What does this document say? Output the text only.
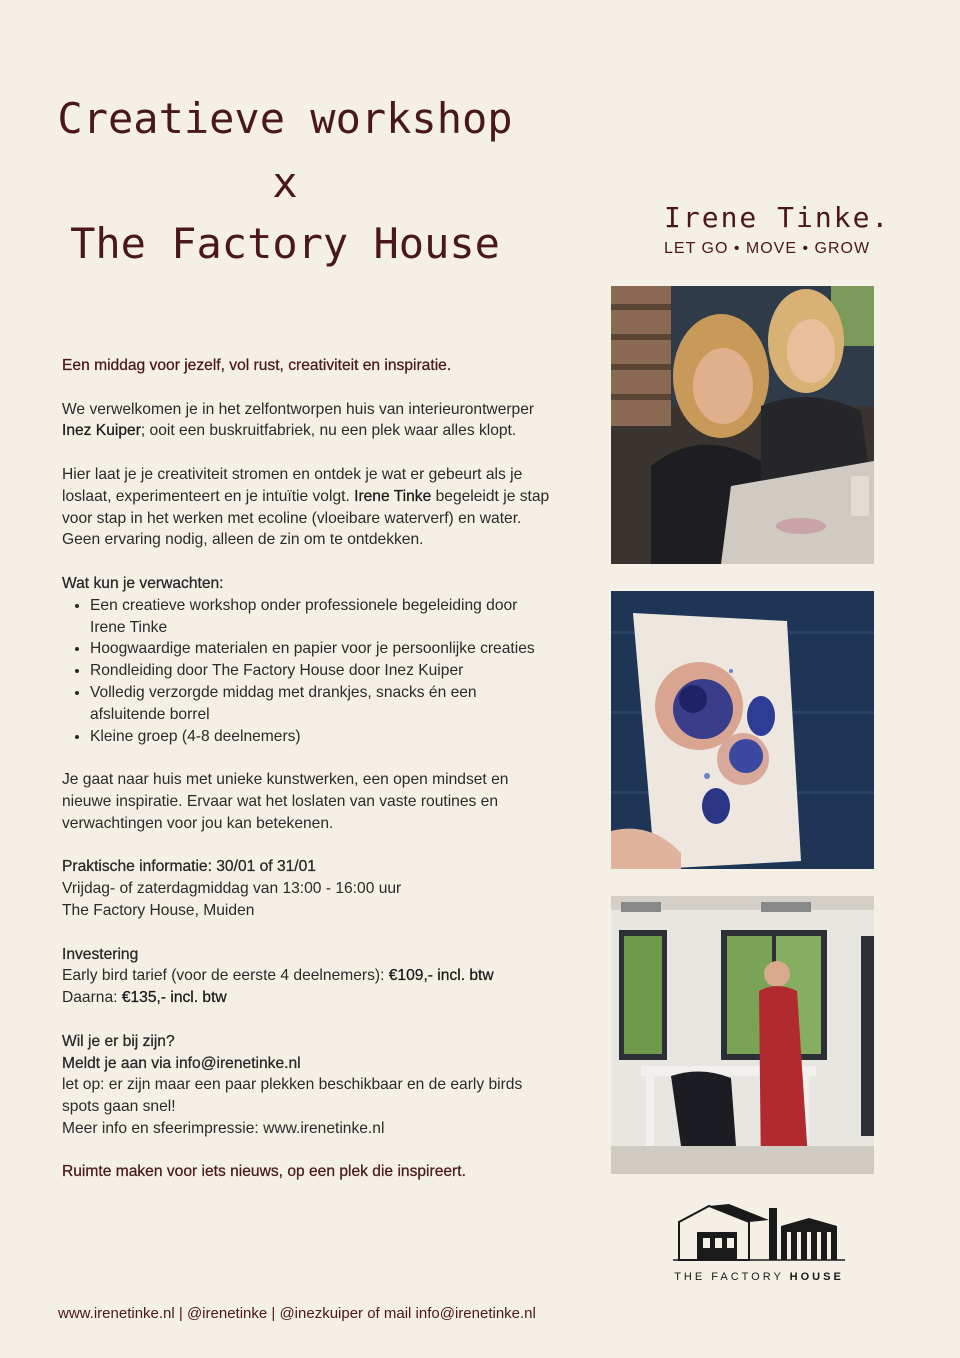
Creatieve workshop
x
The Factory House
Irene Tinke.
LET GO • MOVE • GROW

Een middag voor jezelf, vol rust, creativiteit en inspiratie.

We verwelkomen je in het zelfontworpen huis van interieurontwerper Inez Kuiper; ooit een buskruitfabriek, nu een plek waar alles klopt.

Hier laat je je creativiteit stromen en ontdek je wat er gebeurt als je loslaat, experimenteert en je intuïtie volgt. Irene Tinke begeleidt je stap voor stap in het werken met ecoline (vloeibare waterverf) en water.
Geen ervaring nodig, alleen de zin om te ontdekken.

Wat kun je verwachten:
• Een creatieve workshop onder professionele begeleiding door Irene Tinke
• Hoogwaardige materialen en papier voor je persoonlijke creaties
• Rondleiding door The Factory House door Inez Kuiper
• Volledig verzorgde middag met drankjes, snacks én een afsluitende borrel
• Kleine groep (4-8 deelnemers)

Je gaat naar huis met unieke kunstwerken, een open mindset en nieuwe inspiratie. Ervaar wat het loslaten van vaste routines en verwachtingen voor jou kan betekenen.

Praktische informatie: 30/01 of 31/01
Vrijdag- of zaterdagmiddag van 13:00 - 16:00 uur
The Factory House, Muiden

Investering
Early bird tarief (voor de eerste 4 deelnemers): €109,- incl. btw
Daarna: €135,- incl. btw

Wil je er bij zijn?
Meldt je aan via info@irenetinke.nl
let op: er zijn maar een paar plekken beschikbaar en de early birds spots gaan snel!
Meer info en sfeerimpressie: www.irenetinke.nl

Ruimte maken voor iets nieuws, op een plek die inspireert.

THE FACTORY HOUSE
www.irenetinke.nl | @irenetinke | @inezkuiper of mail info@irenetinke.nl
